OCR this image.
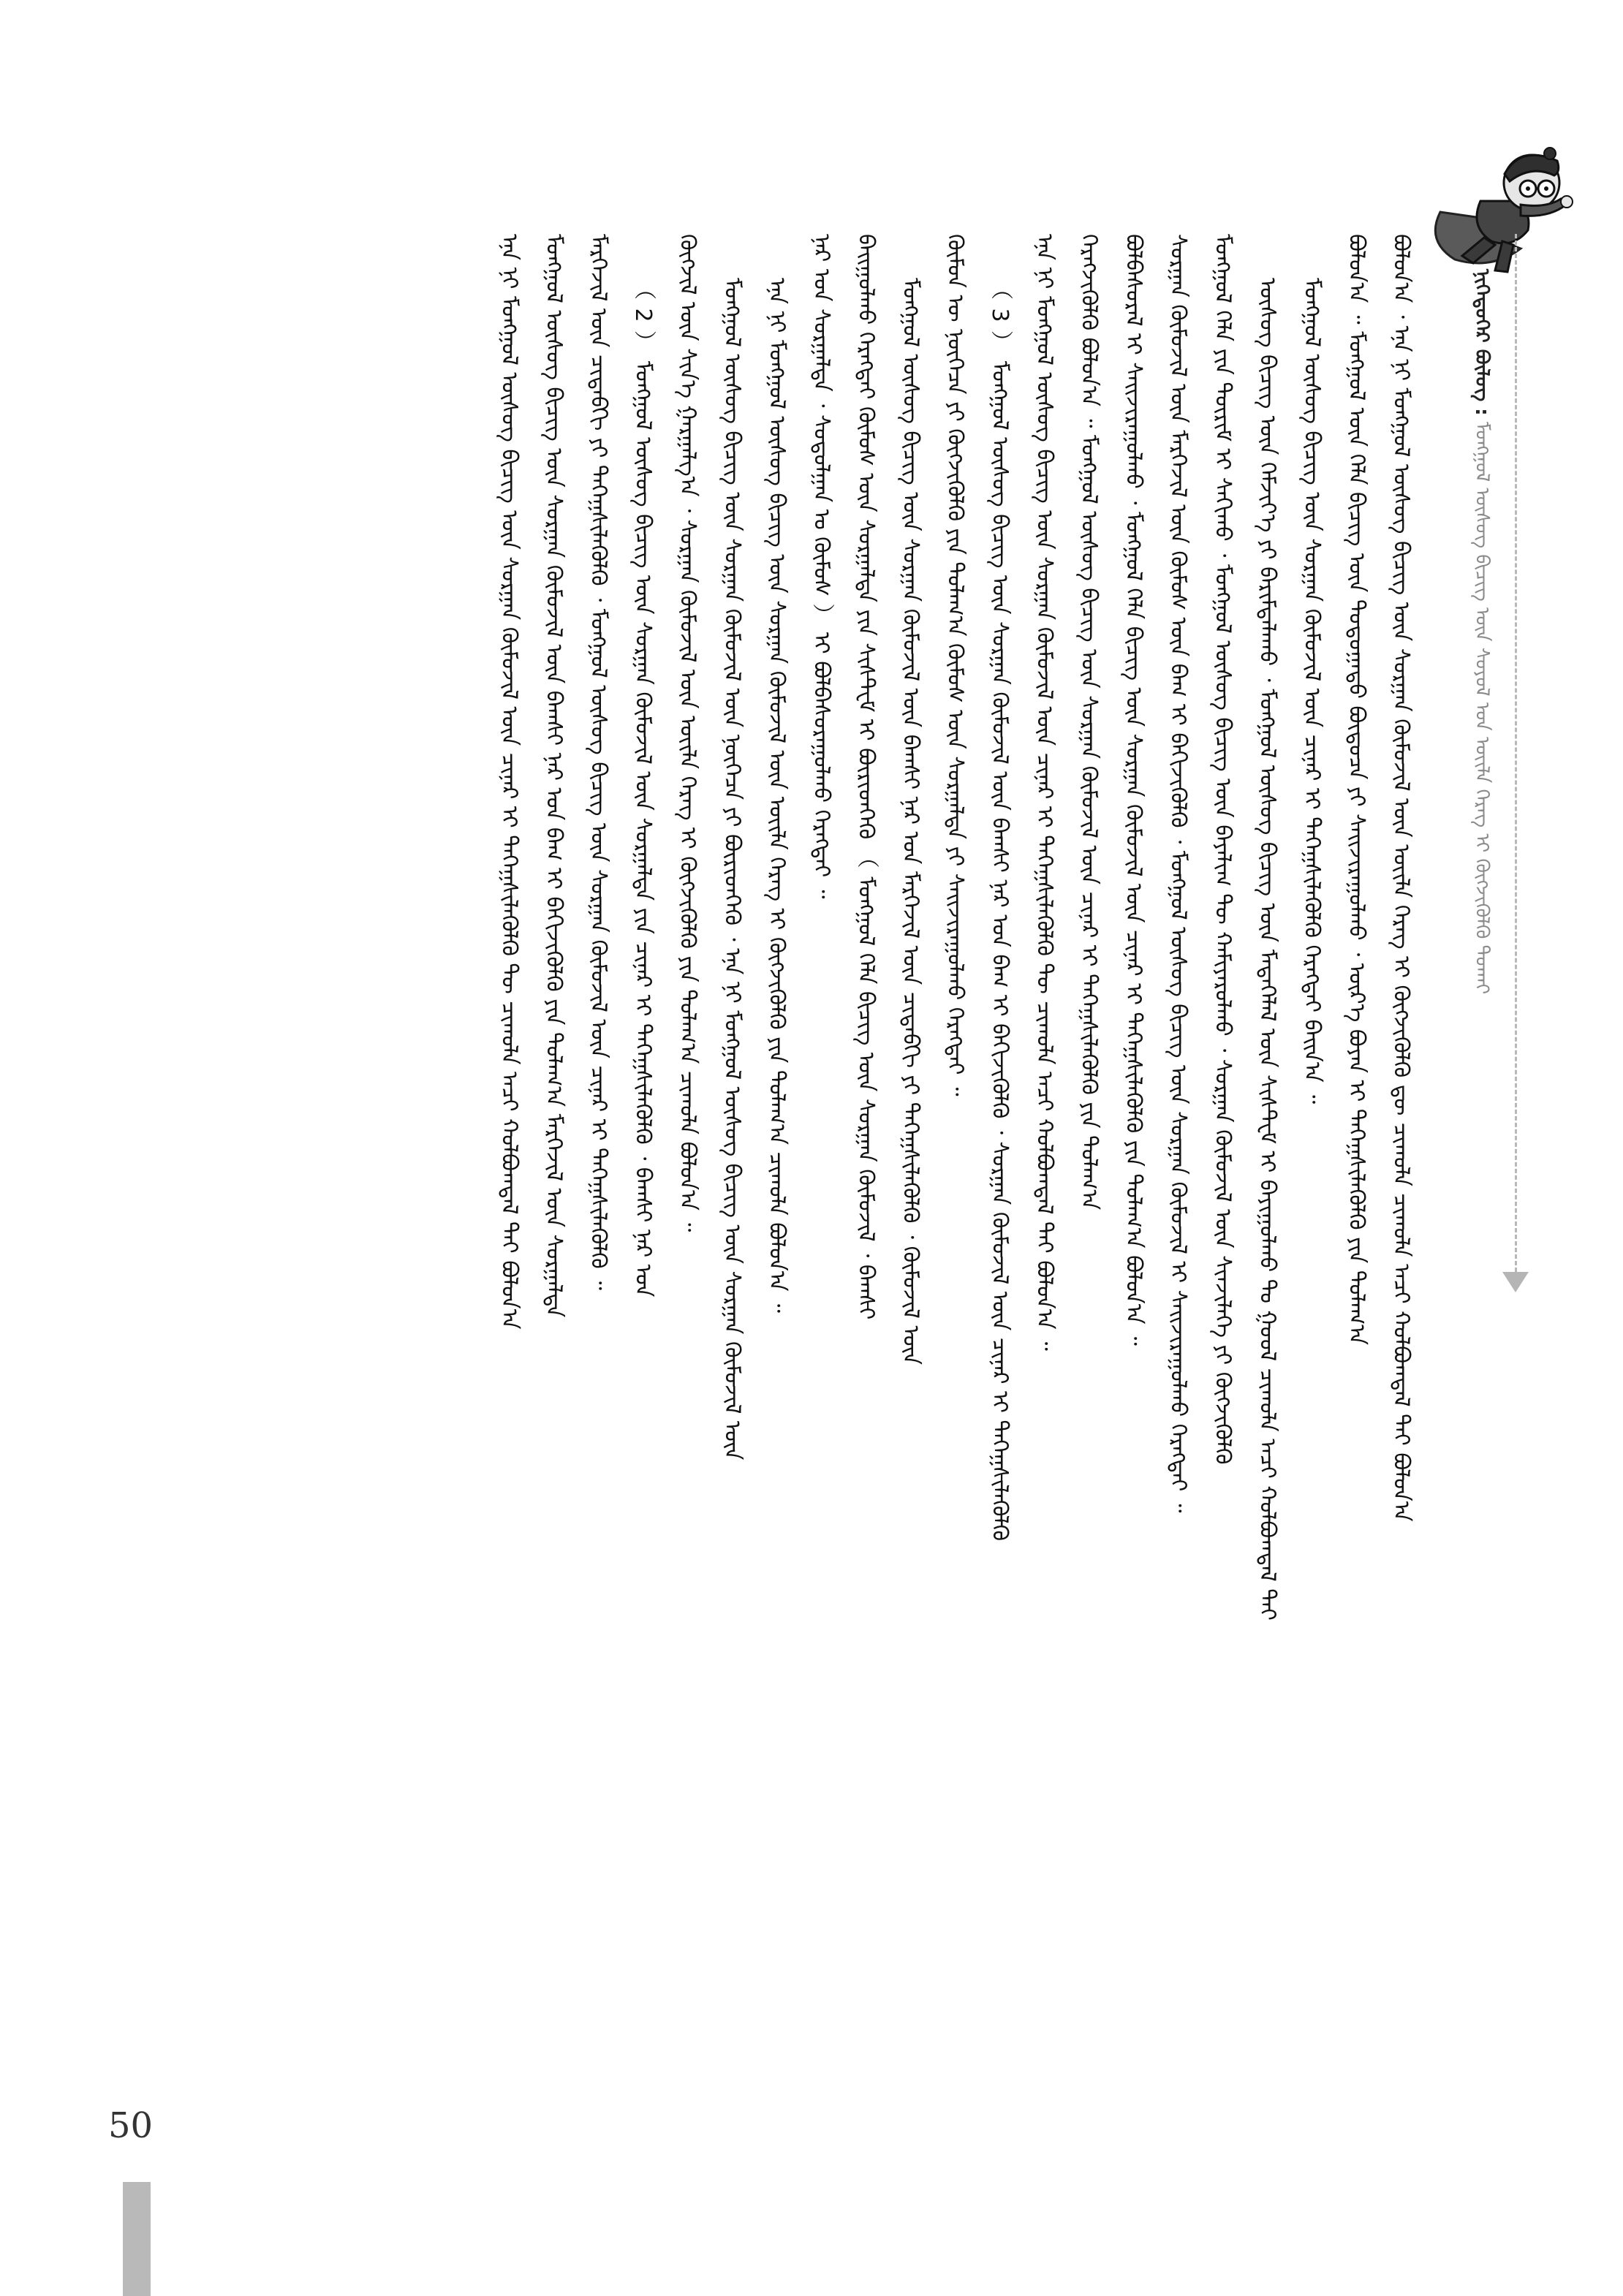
ᠨᠢᠭᠡᠳᠦᠭᠡᠷ ᠪᠦᠯᠦᠭ : ᠮᠣᠩᠭᠣᠯ ᠦᠰᠦᠭ ᠪᠢᠴᠢᠭ ᠦᠨ ᠰᠣᠶᠣᠯ ᠤᠨ ᠦᠢᠯᠡ ᠬᠡᠷᠡᠭ ᠢ ᠬᠥᠭᠵᠢᠭᠦᠯᠬᠦ ᠲᠤᠬᠠᠢ
ᠪᠣᠯᠤᠨ᠎ᠠ ᠂ ᠡᠨᠡ ᠨᠢ ᠮᠣᠩᠭᠣᠯ ᠦᠰᠦᠭ ᠪᠢᠴᠢᠭ ᠦᠨ ᠰᠤᠷᠭᠠᠨ ᠬᠦᠮᠦᠵᠢᠯ ᠦᠨ ᠦᠢᠯᠡ ᠬᠡᠷᠡᠭ ᠢ ᠬᠥᠭᠵᠢᠭᠦᠯᠬᠦ ᠳᠦ ᠴᠢᠬᠤᠯᠠ ᠴᠢᠬᠤᠯᠠ ᠠᠴᠢ ᠬᠣᠯᠪᠣᠭᠳᠠᠯ ᠲᠠᠢ ᠪᠣᠯᠤᠨ᠎ᠠ
ᠪᠣᠯᠤᠨ᠎ᠠ ᠃ ᠮᠣᠩᠭᠣᠯ ᠦᠨ ᠬᠡᠯᠡ ᠪᠢᠴᠢᠭ ᠦᠨ ᠳᠣᠲᠣᠭᠠᠳᠤ ᠪᠦᠲᠦᠴᠡ ᠶᠢ ᠰᠠᠢᠵᠢᠷᠠᠭᠤᠯᠬᠤ ᠂ ᠦᠷ᠎ᠡ ᠪᠣᠶᠠᠨ ᠢ ᠳᠡᠭᠡᠭ᠋ᠰᠢᠯᠡᠭᠦᠯᠬᠦ ᠶᠢᠨ ᠲᠤᠯᠠᠭ᠎ᠠ
ᠮᠣᠩᠭᠣᠯ ᠦᠰᠦᠭ ᠪᠢᠴᠢᠭ ᠦᠨ ᠰᠤᠷᠭᠠᠨ ᠬᠦᠮᠦᠵᠢᠯ ᠦᠨ ᠴᠢᠨᠠᠷ ᠢ ᠳᠡᠭᠡᠭ᠋ᠰᠢᠯᠡᠭᠦᠯᠬᠦ ᠬᠡᠷᠡᠭᠲᠡᠢ ᠪᠠᠢᠨ᠎ᠠ ᠃
ᠦᠰᠦᠭ ᠪᠢᠴᠢᠭ ᠦᠨ ᠬᠡᠮᠵᠢᠶ᠎ᠡ ᠶᠢ ᠪᠠᠷᠢᠮᠲᠠᠯᠠᠬᠤ ᠂ ᠮᠣᠩᠭᠣᠯ ᠦᠰᠦᠭ ᠪᠢᠴᠢᠭ ᠦᠨ ᠮᠡᠳᠡᠭᠡᠯᠡᠯ ᠦᠨ ᠰᠢᠰᠲ᠋ᠧᠮ ᠢ ᠪᠠᠶᠢᠭᠤᠯᠬᠤ ᠲᠤ ᠭᠣᠣᠯ ᠴᠢᠬᠤᠯᠠ ᠠᠴᠢ ᠬᠣᠯᠪᠣᠭᠳᠠᠯ ᠲᠠᠢ
ᠮᠣᠩᠭᠣᠯ ᠬᠡᠯᠡ ᠶᠢᠨ ᠳᠦᠷᠢᠮ ᠢ ᠰᠠᠬᠢᠬᠤ ᠂ ᠮᠣᠩᠭᠣᠯ ᠦᠰᠦᠭ ᠪᠢᠴᠢᠭ ᠦᠨ ᠪᠠᠶᠠᠯᠢᠭ ᠲᠦ ᠬᠠᠮᠢᠶᠠᠷᠤᠯᠬᠤ ᠂ ᠰᠤᠷᠭᠠᠨ ᠬᠦᠮᠦᠵᠢᠯ ᠦᠨ ᠰᠢᠨᠵᠢᠯᠡᠭᠡ ᠶᠢ ᠬᠥᠭᠵᠢᠭᠦᠯᠬᠦ
ᠰᠤᠷᠭᠠᠨ ᠬᠦᠮᠦᠵᠢᠯ ᠦᠨ ᠮᠡᠷᠭᠡᠵᠢᠯ ᠦᠨ ᠬᠦᠮᠦᠰ ᠦᠨ ᠪᠠᠭ ᠢ ᠪᠡᠬᠢᠵᠢᠭᠦᠯᠬᠦ ᠂ ᠮᠣᠩᠭᠣᠯ ᠦᠰᠦᠭ ᠪᠢᠴᠢᠭ ᠦᠨ ᠰᠤᠷᠭᠠᠨ ᠬᠦᠮᠦᠵᠢᠯ ᠢ ᠰᠠᠢᠵᠢᠷᠠᠭᠤᠯᠬᠤ ᠬᠡᠷᠡᠭᠲᠡᠢ ᠃
ᠪᠣᠯᠪᠠᠰᠤᠷᠠᠯ ᠢ ᠰᠠᠢᠵᠢᠷᠠᠭᠤᠯᠬᠤ ᠂ ᠮᠣᠩᠭᠣᠯ ᠬᠡᠯᠡ ᠪᠢᠴᠢᠭ ᠦᠨ ᠰᠤᠷᠭᠠᠨ ᠬᠦᠮᠦᠵᠢᠯ ᠦᠨ ᠴᠢᠨᠠᠷ ᠢ ᠳᠡᠭᠡᠭ᠋ᠰᠢᠯᠡᠭᠦᠯᠬᠦ ᠶᠢᠨ ᠲᠤᠯᠠᠭ᠎ᠠ ᠪᠣᠯᠤᠨ᠎ᠠ ᠃
ᠬᠡᠷᠡᠭᠵᠢᠭᠦᠯᠬᠦ ᠪᠣᠯᠤᠨ᠎ᠠ ᠃ ᠮᠣᠩᠭᠣᠯ ᠦᠰᠦᠭ ᠪᠢᠴᠢᠭ ᠦᠨ ᠰᠤᠷᠭᠠᠨ ᠬᠦᠮᠦᠵᠢᠯ ᠦᠨ ᠴᠢᠨᠠᠷ ᠢ ᠳᠡᠭᠡᠭ᠋ᠰᠢᠯᠡᠭᠦᠯᠬᠦ ᠶᠢᠨ ᠲᠤᠯᠠᠭ᠎ᠠ
ᠡᠨᠡ ᠨᠢ ᠮᠣᠩᠭᠣᠯ ᠦᠰᠦᠭ ᠪᠢᠴᠢᠭ ᠦᠨ ᠰᠤᠷᠭᠠᠨ ᠬᠦᠮᠦᠵᠢᠯ ᠦᠨ ᠴᠢᠨᠠᠷ ᠢ ᠳᠡᠭᠡᠭ᠋ᠰᠢᠯᠡᠭᠦᠯᠬᠦ ᠲᠦ ᠴᠢᠬᠤᠯᠠ ᠠᠴᠢ ᠬᠣᠯᠪᠣᠭᠳᠠᠯ ᠲᠠᠢ ᠪᠣᠯᠤᠨ᠎ᠠ ᠃
（ 3 ） ᠮᠣᠩᠭᠣᠯ ᠦᠰᠦᠭ ᠪᠢᠴᠢᠭ ᠦᠨ ᠰᠤᠷᠭᠠᠨ ᠬᠦᠮᠦᠵᠢᠯ ᠦᠨ ᠪᠠᠭᠰᠢ ᠨᠠᠷ ᠤᠨ ᠪᠠᠭ ᠢ ᠪᠡᠬᠢᠵᠢᠭᠦᠯᠬᠦ ᠂ ᠰᠤᠷᠭᠠᠨ ᠬᠦᠮᠦᠵᠢᠯ ᠦᠨ ᠴᠢᠨᠠᠷ ᠢ ᠳᠡᠭᠡᠭ᠋ᠰᠢᠯᠡᠭᠦᠯᠬᠦ
ᠬᠦᠮᠦᠨ ᠦ ᠨᠥᠭᠡᠴᠡ ᠶᠢ ᠬᠥᠭᠵᠢᠭᠦᠯᠬᠦ ᠶᠢᠨ ᠲᠤᠯᠠᠭ᠎ᠠ ᠬᠦᠮᠦᠰ ᠦᠨ ᠰᠤᠷᠭᠠᠯᠲᠠ ᠶᠢ ᠰᠠᠢᠵᠢᠷᠠᠭᠤᠯᠬᠤ ᠬᠡᠷᠡᠭᠲᠡᠢ ᠃
ᠮᠣᠩᠭᠣᠯ ᠦᠰᠦᠭ ᠪᠢᠴᠢᠭ ᠦᠨ ᠰᠤᠷᠭᠠᠨ ᠬᠦᠮᠦᠵᠢᠯ ᠦᠨ ᠪᠠᠭᠰᠢ ᠨᠠᠷ ᠤᠨ ᠮᠡᠷᠭᠡᠵᠢᠯ ᠦᠨ ᠴᠢᠳᠠᠪᠬᠢ ᠶᠢ ᠳᠡᠭᠡᠭ᠋ᠰᠢᠯᠡᠭᠦᠯᠬᠦ ᠂ ᠬᠦᠮᠦᠵᠢᠯ ᠦᠨ
ᠪᠠᠢᠭᠤᠯᠬᠤ ᠬᠡᠷᠡᠭᠲᠡᠢ ᠬᠦᠮᠦᠰ ᠦᠨ ᠰᠤᠷᠭᠠᠯᠲᠠ ᠶᠢᠨ ᠰᠢᠰᠲ᠋ᠧᠮ ᠢ ᠪᠦᠷᠢᠳᠭᠡᠬᠦ （ ᠮᠣᠩᠭᠣᠯ ᠬᠡᠯᠡ ᠪᠢᠴᠢᠭ ᠦᠨ ᠰᠤᠷᠭᠠᠨ ᠬᠦᠮᠦᠵᠢᠯ ᠂ ᠪᠠᠭᠰᠢ
ᠨᠠᠷ ᠤᠨ ᠰᠤᠷᠭᠠᠯᠲᠠ ᠂ ᠰᠤᠳᠤᠯᠭᠠᠨ ᠤ ᠬᠦᠮᠦᠰ ） ᠢ ᠪᠣᠯᠪᠠᠰᠤᠷᠠᠭᠤᠯᠬᠤ ᠬᠡᠷᠡᠭᠲᠡᠢ ᠃
ᠡᠨᠡ ᠨᠢ ᠮᠣᠩᠭᠣᠯ ᠦᠰᠦᠭ ᠪᠢᠴᠢᠭ ᠦᠨ ᠰᠤᠷᠭᠠᠨ ᠬᠦᠮᠦᠵᠢᠯ ᠦᠨ ᠦᠢᠯᠡ ᠬᠡᠷᠡᠭ ᠢ ᠬᠥᠭᠵᠢᠭᠦᠯᠬᠦ ᠶᠢᠨ ᠲᠤᠯᠠᠭ᠎ᠠ ᠴᠢᠬᠤᠯᠠ ᠪᠣᠯᠤᠨ᠎ᠠ ᠃
ᠮᠣᠩᠭᠣᠯ ᠦᠰᠦᠭ ᠪᠢᠴᠢᠭ ᠦᠨ ᠰᠤᠷᠭᠠᠨ ᠬᠦᠮᠦᠵᠢᠯ ᠦᠨ ᠨᠥᠭᠡᠴᠡ ᠶᠢ ᠪᠦᠷᠢᠳᠭᠡᠬᠦ ᠂ ᠡᠨᠡ ᠨᠢ ᠮᠣᠩᠭᠣᠯ ᠦᠰᠦᠭ ᠪᠢᠴᠢᠭ ᠦᠨ ᠰᠤᠷᠭᠠᠨ ᠬᠦᠮᠦᠵᠢᠯ ᠦᠨ
ᠬᠥᠭᠵᠢᠯ ᠦᠨ ᠰᠢᠨ᠎ᠡ ᠭᠠᠷᠭᠠᠯᠭ᠎ᠠ ᠂ ᠰᠤᠷᠭᠠᠨ ᠬᠦᠮᠦᠵᠢᠯ ᠦᠨ ᠦᠢᠯᠡ ᠬᠡᠷᠡᠭ ᠢ ᠬᠥᠭᠵᠢᠭᠦᠯᠬᠦ ᠶᠢᠨ ᠲᠤᠯᠠᠭ᠎ᠠ ᠴᠢᠬᠤᠯᠠ ᠪᠣᠯᠤᠨ᠎ᠠ ᠃
（ 2 ） ᠮᠣᠩᠭᠣᠯ ᠦᠰᠦᠭ ᠪᠢᠴᠢᠭ ᠦᠨ ᠰᠤᠷᠭᠠᠨ ᠬᠦᠮᠦᠵᠢᠯ ᠦᠨ ᠰᠤᠷᠭᠠᠯᠲᠠ ᠶᠢᠨ ᠴᠢᠨᠠᠷ ᠢ ᠳᠡᠭᠡᠭ᠋ᠰᠢᠯᠡᠭᠦᠯᠬᠦ ᠂ ᠪᠠᠭᠰᠢ ᠨᠠᠷ ᠤᠨ
ᠮᠡᠷᠭᠡᠵᠢᠯ ᠦᠨ ᠴᠢᠳᠠᠪᠬᠢ ᠶᠢ ᠳᠡᠭᠡᠭ᠋ᠰᠢᠯᠡᠭᠦᠯᠬᠦ ᠂ ᠮᠣᠩᠭᠣᠯ ᠦᠰᠦᠭ ᠪᠢᠴᠢᠭ ᠦᠨ ᠰᠤᠷᠭᠠᠨ ᠬᠦᠮᠦᠵᠢᠯ ᠦᠨ ᠴᠢᠨᠠᠷ ᠢ ᠳᠡᠭᠡᠭ᠋ᠰᠢᠯᠡᠭᠦᠯᠬᠦ ᠃
ᠮᠣᠩᠭᠣᠯ ᠦᠰᠦᠭ ᠪᠢᠴᠢᠭ ᠦᠨ ᠰᠤᠷᠭᠠᠨ ᠬᠦᠮᠦᠵᠢᠯ ᠦᠨ ᠪᠠᠭᠰᠢ ᠨᠠᠷ ᠤᠨ ᠪᠠᠭ ᠢ ᠪᠡᠬᠢᠵᠢᠭᠦᠯᠬᠦ ᠶᠢᠨ ᠲᠤᠯᠠᠭ᠎ᠠ ᠮᠡᠷᠭᠡᠵᠢᠯ ᠦᠨ ᠰᠤᠷᠭᠠᠯᠲᠠ
ᠡᠨᠡ ᠨᠢ ᠮᠣᠩᠭᠣᠯ ᠦᠰᠦᠭ ᠪᠢᠴᠢᠭ ᠦᠨ ᠰᠤᠷᠭᠠᠨ ᠬᠦᠮᠦᠵᠢᠯ ᠦᠨ ᠴᠢᠨᠠᠷ ᠢ ᠳᠡᠭᠡᠭ᠋ᠰᠢᠯᠡᠭᠦᠯᠬᠦ ᠲᠦ ᠴᠢᠬᠤᠯᠠ ᠠᠴᠢ ᠬᠣᠯᠪᠣᠭᠳᠠᠯ ᠲᠠᠢ ᠪᠣᠯᠤᠨ᠎ᠠ
50
